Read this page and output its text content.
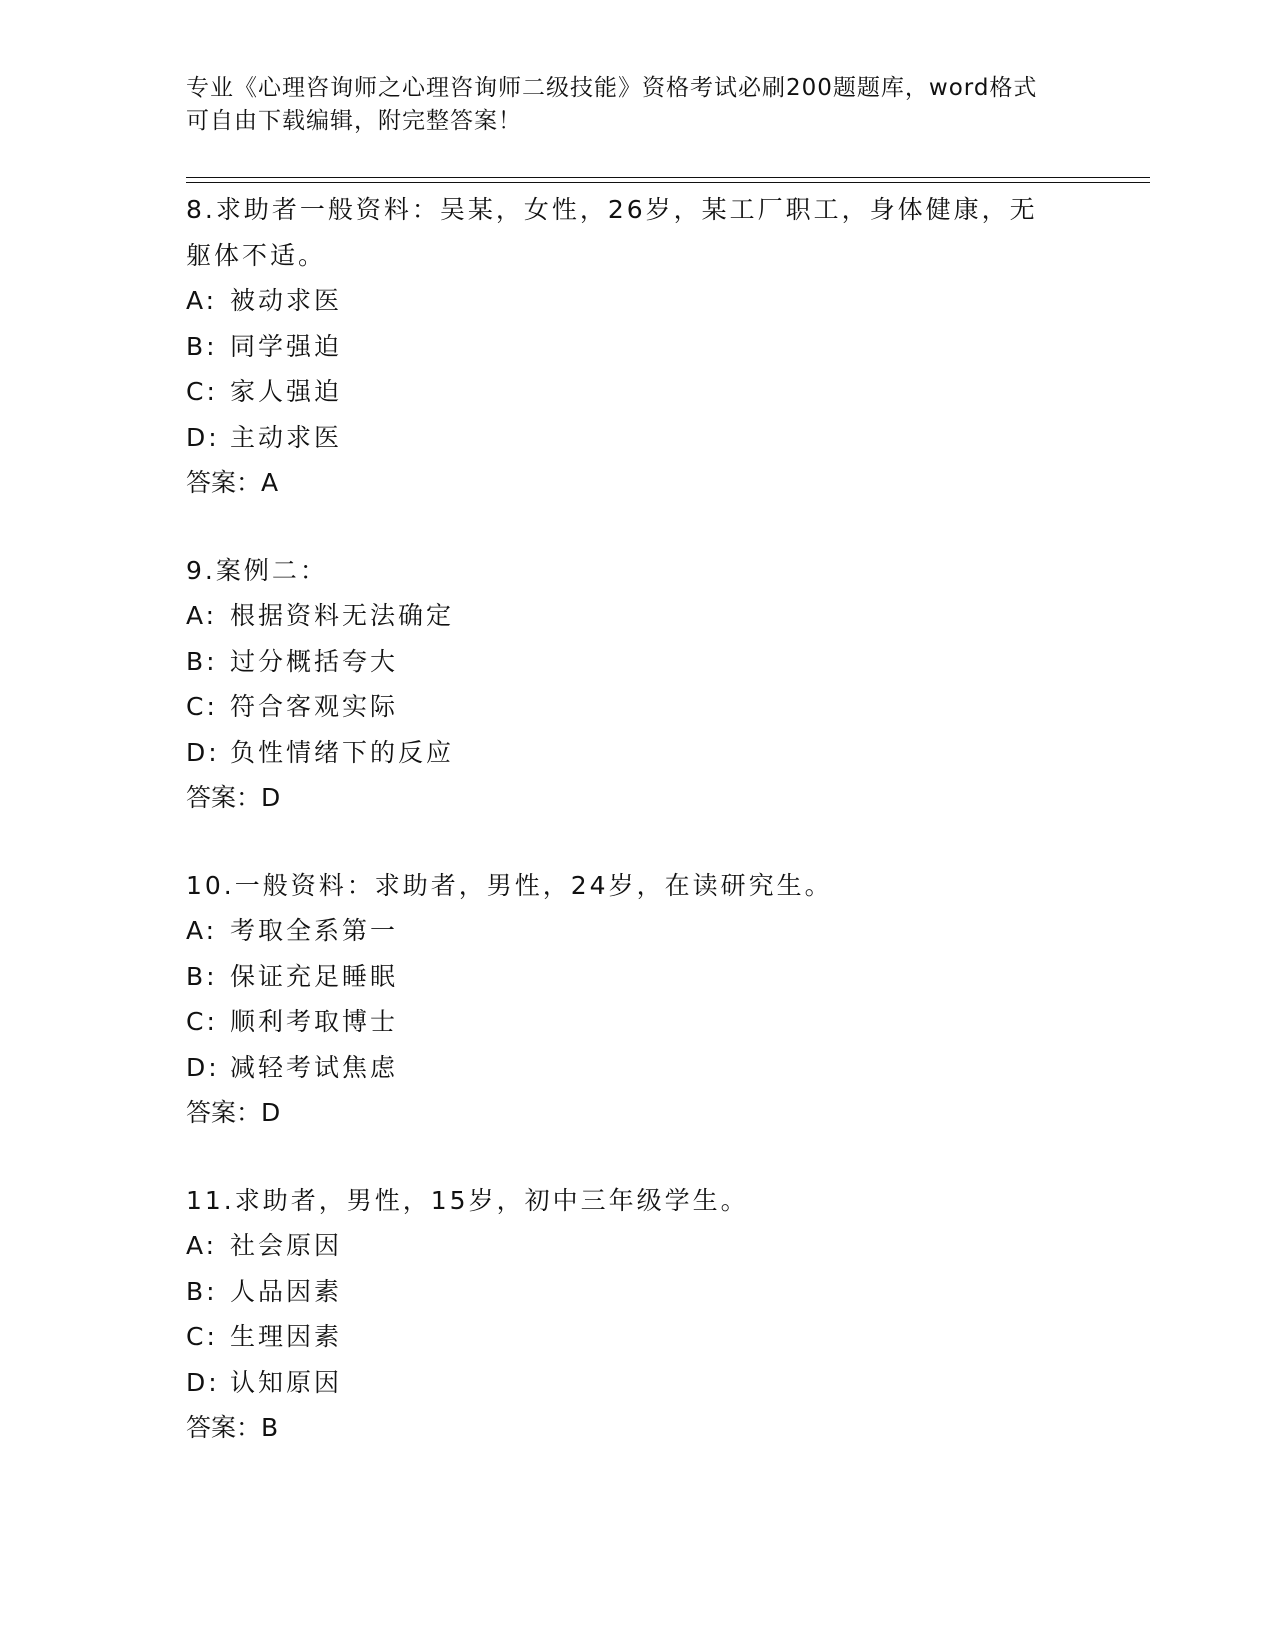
专业《心理咨询师之心理咨询师二级技能》资格考试必刷200题题库，word格式
可自由下载编辑，附完整答案！
8.求助者一般资料：吴某，女性，26岁，某工厂职工，身体健康，无
躯体不适。
A: 被动求医
B: 同学强迫
C: 家人强迫
D: 主动求医
答案：A
9.案例二：
A: 根据资料无法确定
B: 过分概括夸大
C: 符合客观实际
D: 负性情绪下的反应
答案：D
10.一般资料：求助者，男性，24岁，在读研究生。
A: 考取全系第一
B: 保证充足睡眠
C: 顺利考取博士
D: 减轻考试焦虑
答案：D
11.求助者，男性，15岁，初中三年级学生。
A: 社会原因
B: 人品因素
C: 生理因素
D: 认知原因
答案：B
